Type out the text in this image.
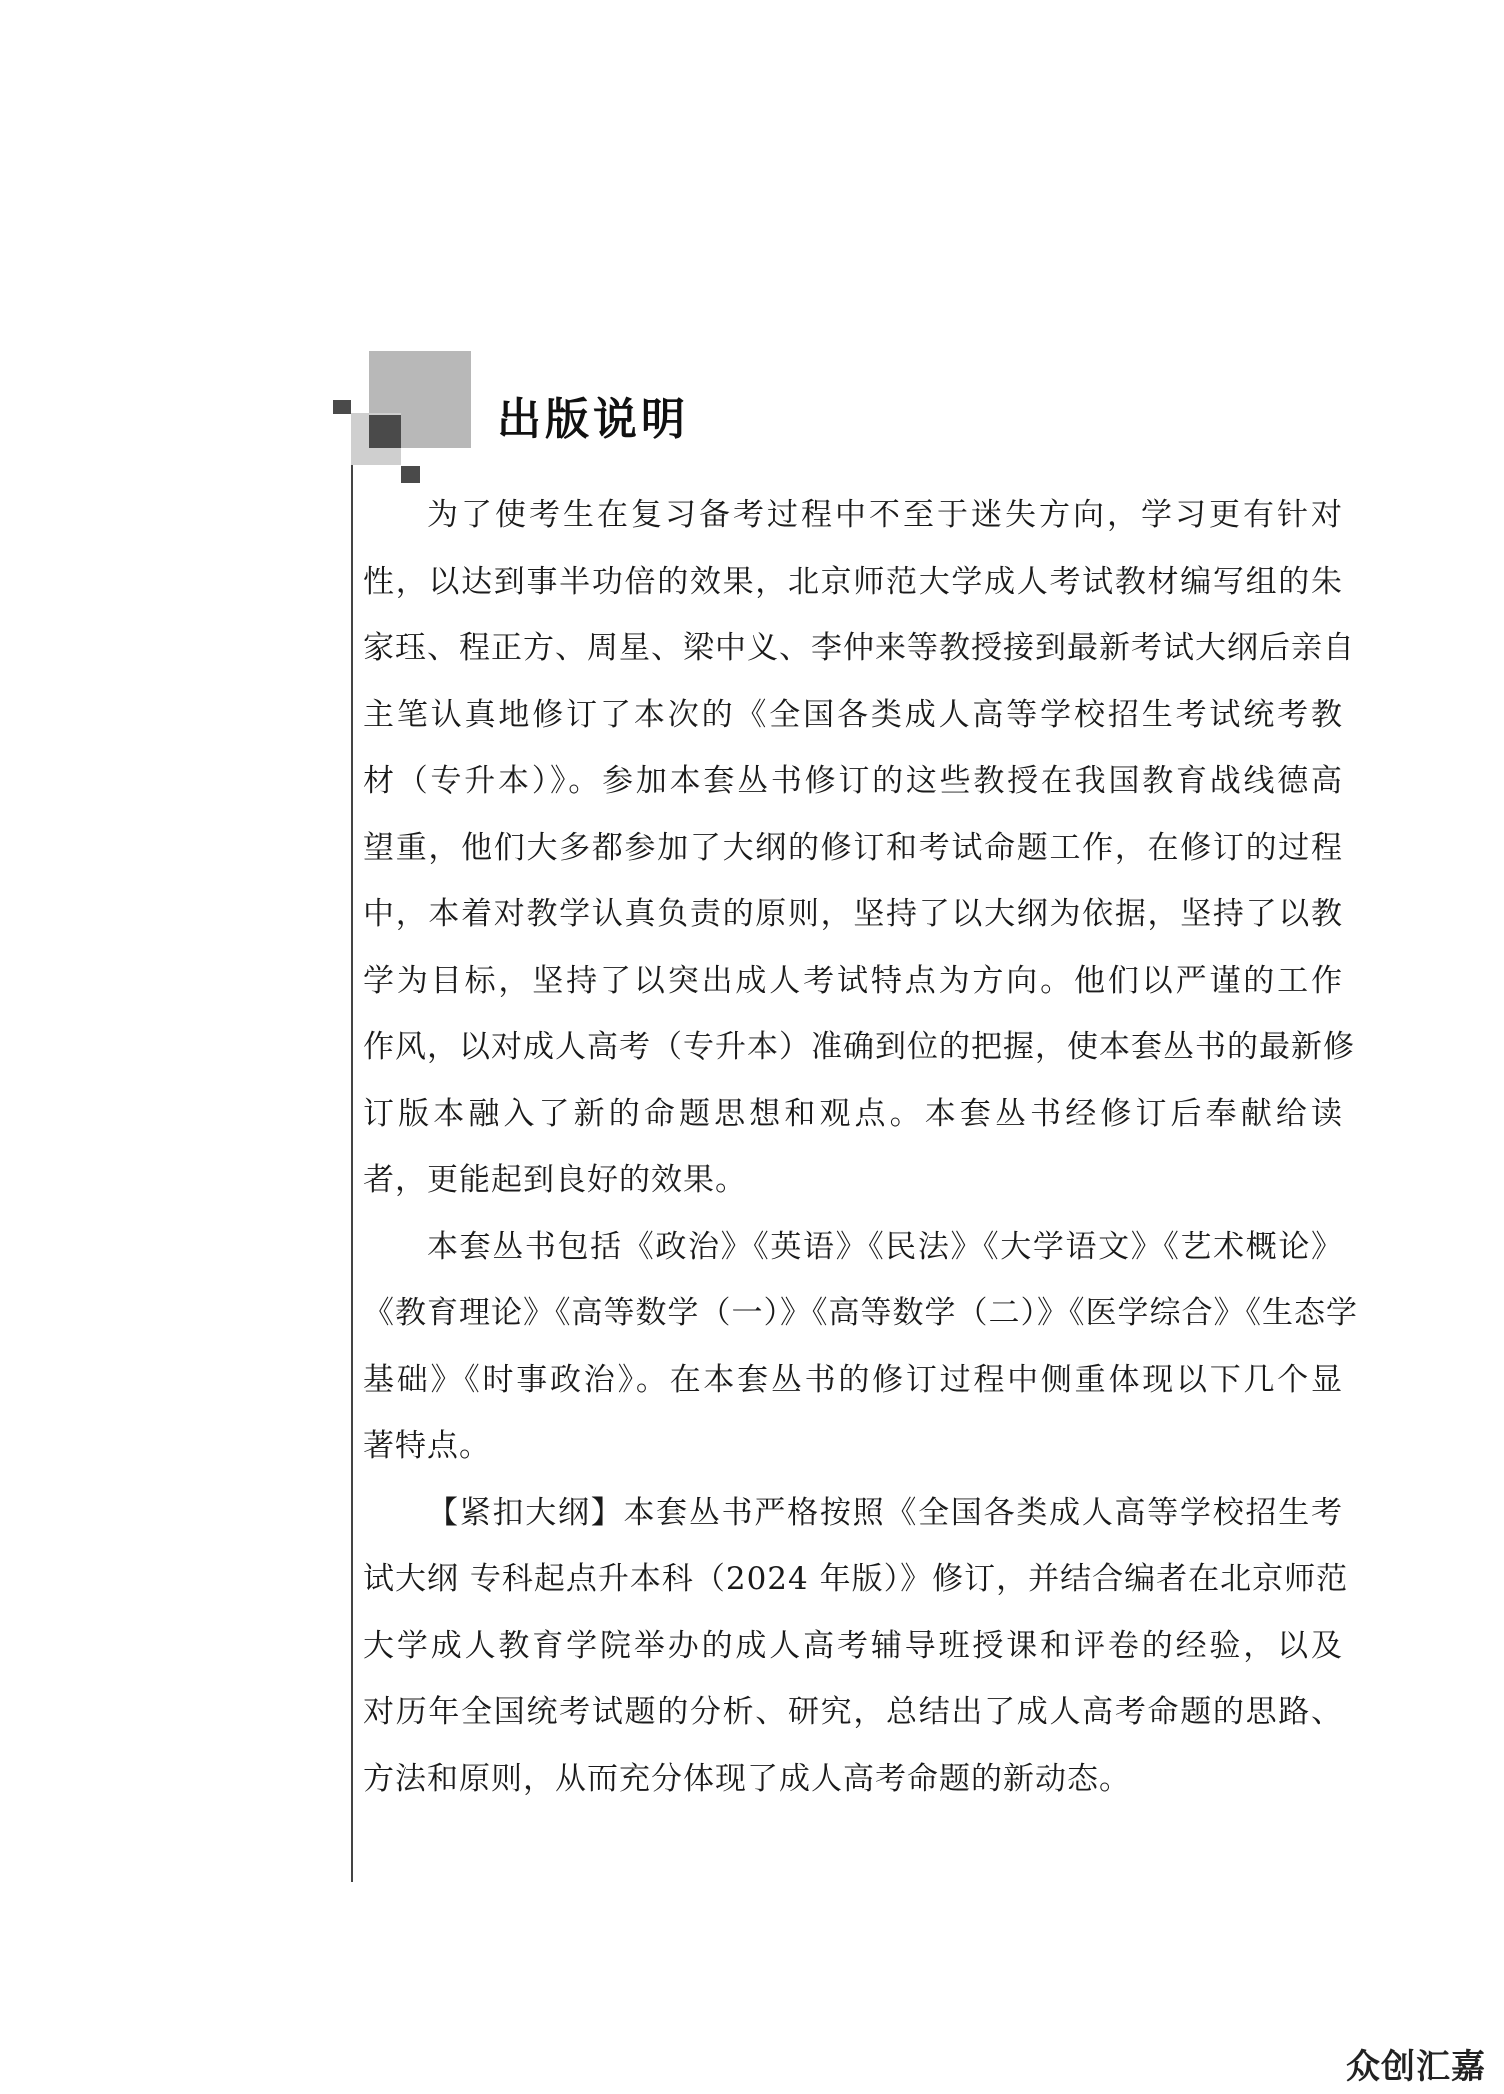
出版说明

为了使考生在复习备考过程中不至于迷失方向，学习更有针对
性，以达到事半功倍的效果，北京师范大学成人考试教材编写组的朱
家珏、程正方、周星、梁中义、李仲来等教授接到最新考试大纲后亲自
主笔认真地修订了本次的《全国各类成人高等学校招生考试统考教
材（专升本）》。参加本套丛书修订的这些教授在我国教育战线德高
望重，他们大多都参加了大纲的修订和考试命题工作，在修订的过程
中，本着对教学认真负责的原则，坚持了以大纲为依据，坚持了以教
学为目标，坚持了以突出成人考试特点为方向。他们以严谨的工作
作风，以对成人高考（专升本）准确到位的把握，使本套丛书的最新修
订版本融入了新的命题思想和观点。本套丛书经修订后奉献给读
者，更能起到良好的效果。

本套丛书包括《政治》《英语》《民法》《大学语文》《艺术概论》
《教育理论》《高等数学（一）》《高等数学（二）》《医学综合》《生态学
基础》《时事政治》。在本套丛书的修订过程中侧重体现以下几个显
著特点。

【紧扣大纲】本套丛书严格按照《全国各类成人高等学校招生考
试大纲 专科起点升本科（2024 年版）》修订，并结合编者在北京师范
大学成人教育学院举办的成人高考辅导班授课和评卷的经验，以及
对历年全国统考试题的分析、研究，总结出了成人高考命题的思路、
方法和原则，从而充分体现了成人高考命题的新动态。

众创汇嘉
